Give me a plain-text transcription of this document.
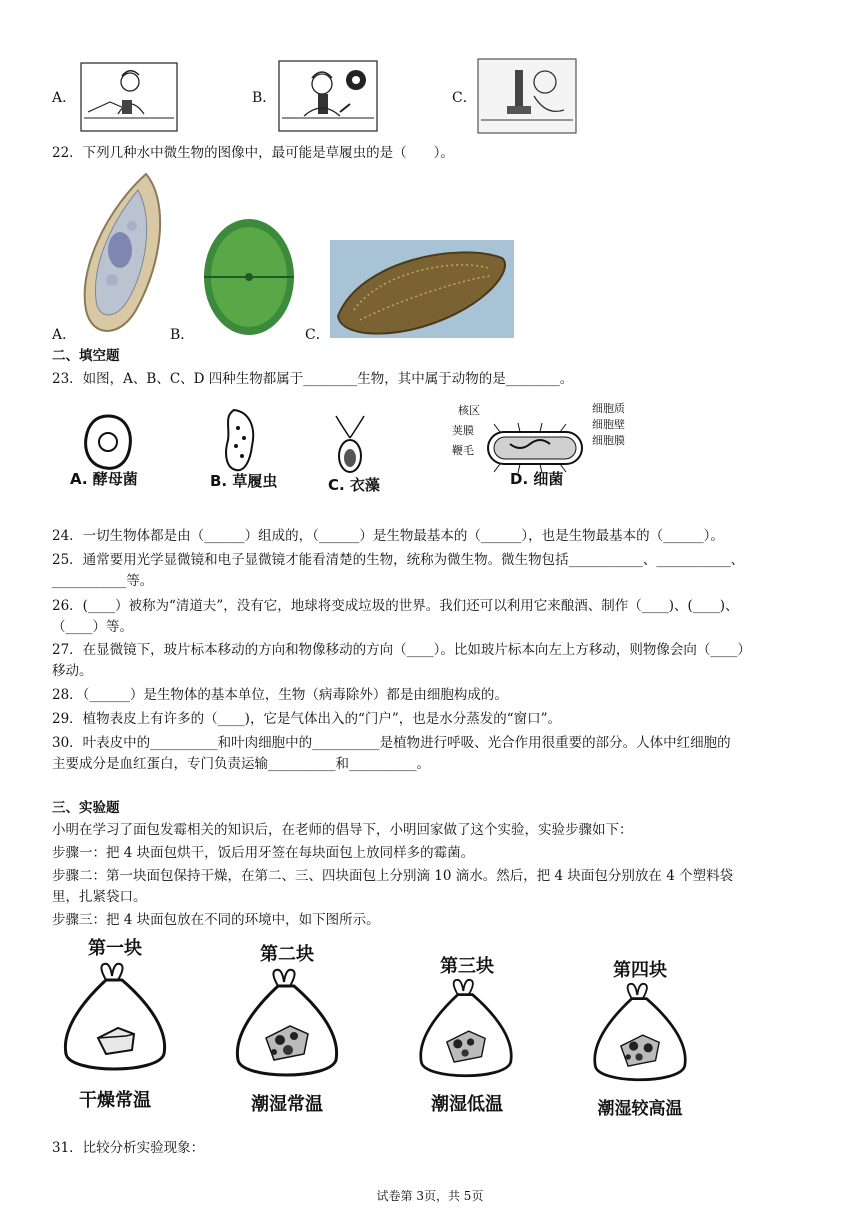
A．	B．	C．
22．下列几种水中微生物的图像中，最可能是草履虫的是（　　）。
A．	B．	C．
二、填空题
23．如图，A、B、C、D 四种生物都属于________生物，其中属于动物的是________。
A. 酵母菌	B. 草履虫	C. 衣藻
核区
荚膜
鞭毛
细胞质
细胞壁
细胞膜
D. 细菌
24．一切生物体都是由（______）组成的，（______）是生物最基本的（______），也是生物最基本的（______）。
25．通常要用光学显微镜和电子显微镜才能看清楚的生物，统称为微生物。微生物包括___________、___________、
___________等。
26．(____）被称为“清道夫”，没有它，地球将变成垃圾的世界。我们还可以利用它来酿酒、制作（____)、(____)、
（____）等。
27．在显微镜下，玻片标本移动的方向和物像移动的方向（____）。比如玻片标本向左上方移动，则物像会向（____）
移动。
28．（______）是生物体的基本单位，生物（病毒除外）都是由细胞构成的。
29．植物表皮上有许多的（____)，它是气体出入的“门户”，也是水分蒸发的“窗口”。
30．叶表皮中的__________和叶肉细胞中的__________是植物进行呼吸、光合作用很重要的部分。人体中红细胞的
主要成分是血红蛋白，专门负责运输__________和__________。
三、实验题
小明在学习了面包发霉相关的知识后，在老师的倡导下，小明回家做了这个实验，实验步骤如下：
步骤一：把 4 块面包烘干，饭后用牙签在每块面包上放同样多的霉菌。
步骤二：第一块面包保持干燥，在第二、三、四块面包上分别滴 10 滴水。然后，把 4 块面包分别放在 4 个塑料袋
里，扎紧袋口。
步骤三：把 4 块面包放在不同的环境中，如下图所示。
第一块
干燥常温
第二块
潮湿常温
第三块
潮湿低温
第四块
潮湿较高温
31．比较分析实验现象：
试卷第 3页，共 5页
